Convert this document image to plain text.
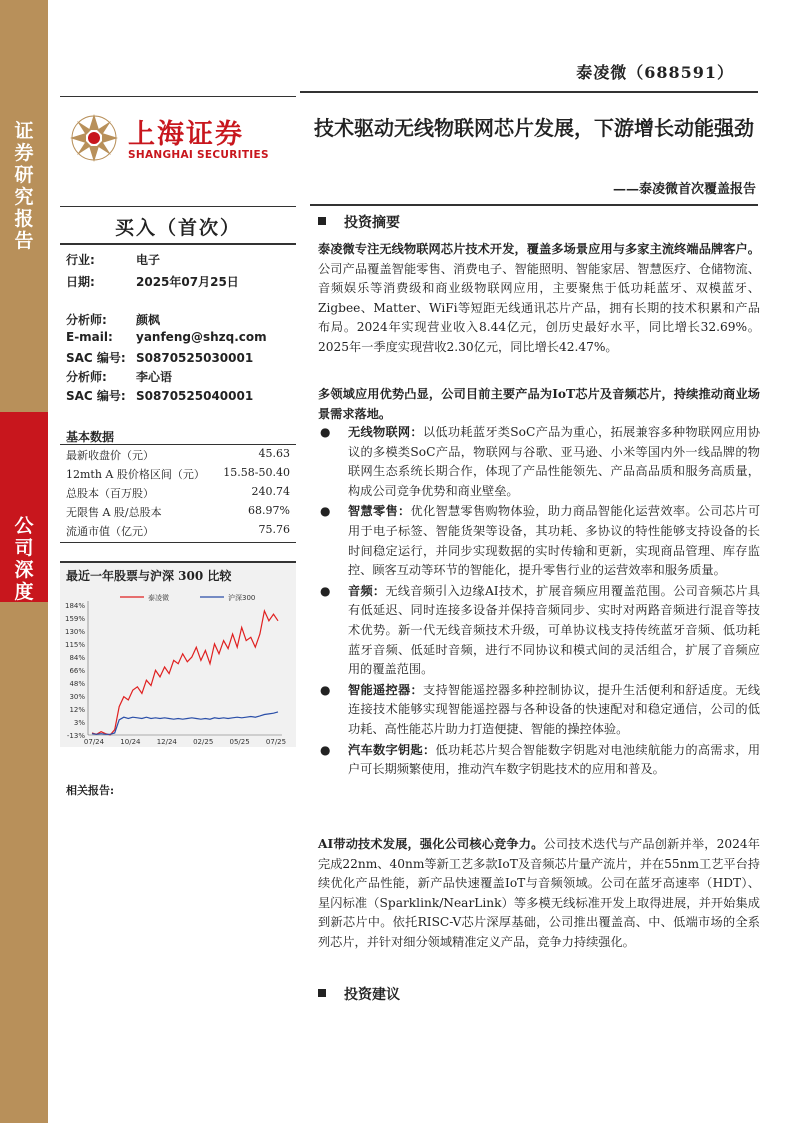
证券研究报告
公司深度
泰凌微（688591）
上海证券
SHANGHAI SECURITIES
技术驱动无线物联网芯片发展，下游增长动能强劲
——泰凌微首次覆盖报告
买入（首次）
行业:	电子
日期:	2025年07月25日
分析师: 颜枫
E-mail: yanfeng@shzq.com
SAC 编号: S0870525030001
分析师: 李心语
SAC 编号: S0870525040001
基本数据
最新收盘价（元）	45.63
12mth A 股价格区间（元） 15.58-50.40
总股本（百万股）	240.74
无限售 A 股/总股本	68.97%
流通市值（亿元）	75.76
最近一年股票与沪深 300 比较
184%
159%
130%
115%
84%
66%
48%
30%
12%
3%
-13%
07/24 10/24 12/24 02/25 05/25 07/25
泰凌微	沪深300
相关报告:
投资摘要
泰凌微专注无线物联网芯片技术开发，覆盖多场景应用与多家主流终端品牌客户。公司产品覆盖智能零售、消费电子、智能照明、智能家居、智慧医疗、仓储物流、音频娱乐等消费级和商业级物联网应用，主要聚焦于低功耗蓝牙、双模蓝牙、Zigbee、Matter、WiFi等短距无线通讯芯片产品，拥有长期的技术积累和产品布局。2024年实现营业收入8.44亿元，创历史最好水平，同比增长32.69%。2025年一季度实现营收2.30亿元，同比增长42.47%。
多领域应用优势凸显，公司目前主要产品为IoT芯片及音频芯片，持续推动商业场景需求落地。
● 无线物联网：以低功耗蓝牙类SoC产品为重心，拓展兼容多种物联网应用协议的多模类SoC产品，物联网与谷歌、亚马逊、小米等国内外一线品牌的物联网生态系统长期合作，体现了产品性能领先、产品高品质和服务高质量，构成公司竞争优势和商业壁垒。
● 智慧零售：优化智慧零售购物体验，助力商品智能化运营效率。公司芯片可用于电子标签、智能货架等设备，其功耗、多协议的特性能够支持设备的长时间稳定运行，并同步实现数据的实时传输和更新，实现商品管理、库存监控、顾客互动等环节的智能化，提升零售行业的运营效率和服务质量。
● 音频：无线音频引入边缘AI技术，扩展音频应用覆盖范围。公司音频芯片具有低延迟、同时连接多设备并保持音频同步、实时对两路音频进行混音等技术优势。新一代无线音频技术升级，可单协议栈支持传统蓝牙音频、低功耗蓝牙音频、低延时音频，进行不同协议和模式间的灵活组合，扩展了音频应用的覆盖范围。
● 智能遥控器：支持智能遥控器多种控制协议，提升生活便利和舒适度。无线连接技术能够实现智能遥控器与各种设备的快速配对和稳定通信，公司的低功耗、高性能芯片助力打造便捷、智能的操控体验。
● 汽车数字钥匙：低功耗芯片契合智能数字钥匙对电池续航能力的高需求，用户可长期频繁使用，推动汽车数字钥匙技术的应用和普及。
AI带动技术发展，强化公司核心竞争力。公司技术迭代与产品创新并举，2024年完成22nm、40nm等新工艺多款IoT及音频芯片量产流片，并在55nm工艺平台持续优化产品性能，新产品快速覆盖IoT与音频领域。公司在蓝牙高速率（HDT）、星闪标准（Sparklink/NearLink）等多模无线标准开发上取得进展，并开始集成到新芯片中。依托RISC-V芯片深厚基础，公司推出覆盖高、中、低端市场的全系列芯片，并针对细分领域精准定义产品，竞争力持续强化。
投资建议
